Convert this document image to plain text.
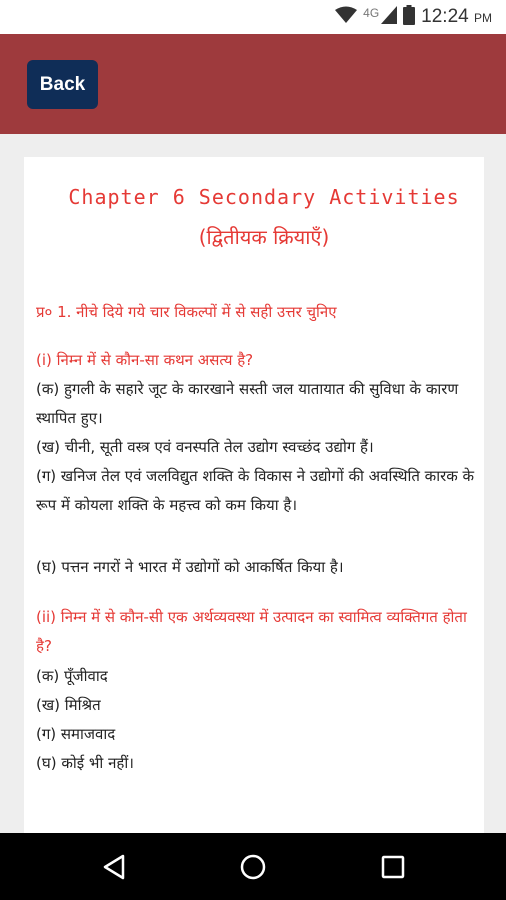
4G 12:24 PM
Back
Chapter 6 Secondary Activities
(द्वितीयक क्रियाएँ)
प्र० 1. नीचे दिये गये चार विकल्पों में से सही उत्तर चुनिए
(i) निम्न में से कौन-सा कथन असत्य है?
(क) हुगली के सहारे जूट के कारखाने सस्ती जल यातायात की सुविधा के कारण स्थापित हुए।
(ख) चीनी, सूती वस्त्र एवं वनस्पति तेल उद्योग स्वच्छंद उद्योग हैं।
(ग) खनिज तेल एवं जलविद्युत शक्ति के विकास ने उद्योगों की अवस्थिति कारक के रूप में कोयला शक्ति के महत्त्व को कम किया है।
(घ) पत्तन नगरों ने भारत में उद्योगों को आकर्षित किया है।
(ii) निम्न में से कौन-सी एक अर्थव्यवस्था में उत्पादन का स्वामित्व व्यक्तिगत होता है?
(क) पूँजीवाद
(ख) मिश्रित
(ग) समाजवाद
(घ) कोई भी नहीं।
